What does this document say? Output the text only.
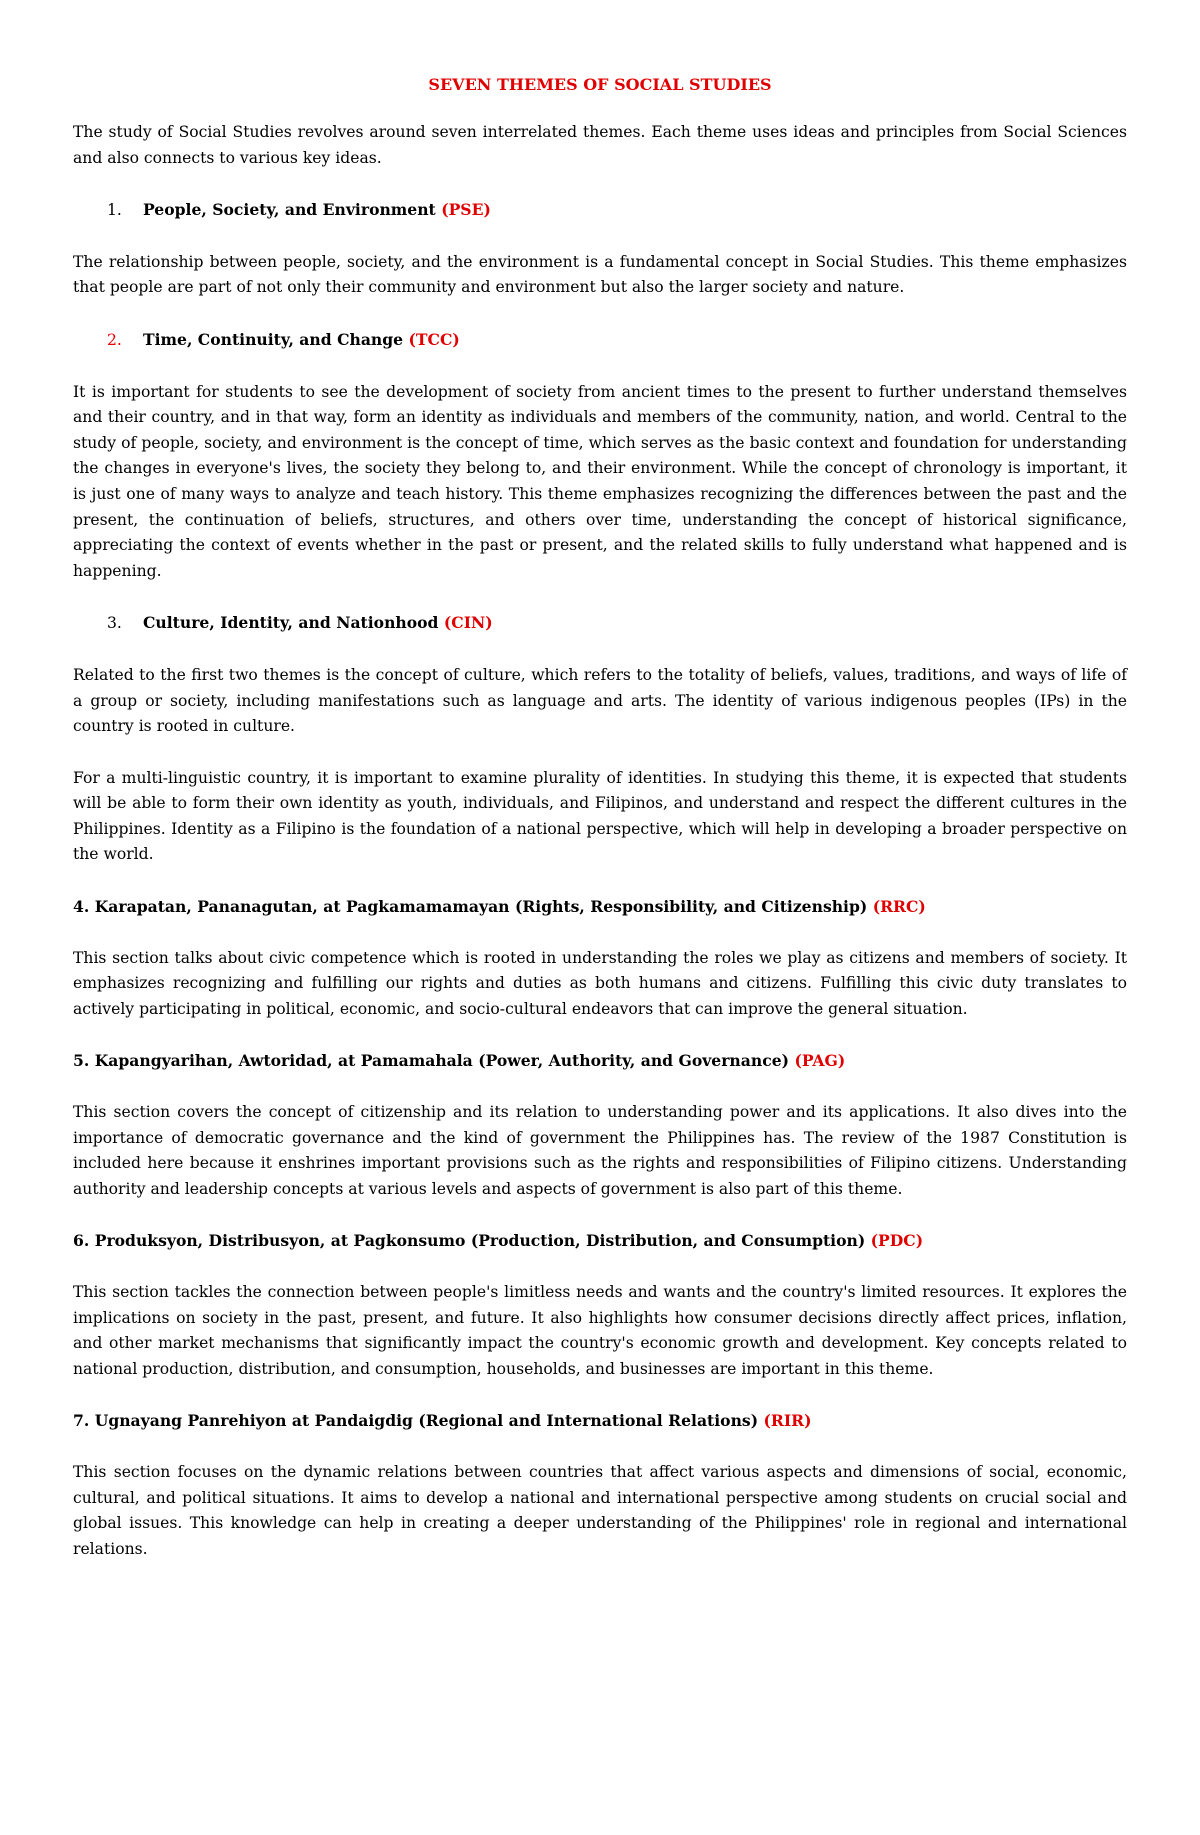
SEVEN THEMES OF SOCIAL STUDIES

The study of Social Studies revolves around seven interrelated themes. Each theme uses ideas and principles from Social Sciences and also connects to various key ideas.

1. People, Society, and Environment (PSE)

The relationship between people, society, and the environment is a fundamental concept in Social Studies. This theme emphasizes that people are part of not only their community and environment but also the larger society and nature.

2. Time, Continuity, and Change (TCC)

It is important for students to see the development of society from ancient times to the present to further understand themselves and their country, and in that way, form an identity as individuals and members of the community, nation, and world. Central to the study of people, society, and environment is the concept of time, which serves as the basic context and foundation for understanding the changes in everyone's lives, the society they belong to, and their environment. While the concept of chronology is important, it is just one of many ways to analyze and teach history. This theme emphasizes recognizing the differences between the past and the present, the continuation of beliefs, structures, and others over time, understanding the concept of historical significance, appreciating the context of events whether in the past or present, and the related skills to fully understand what happened and is happening.

3. Culture, Identity, and Nationhood (CIN)

Related to the first two themes is the concept of culture, which refers to the totality of beliefs, values, traditions, and ways of life of a group or society, including manifestations such as language and arts. The identity of various indigenous peoples (IPs) in the country is rooted in culture.

For a multi-linguistic country, it is important to examine plurality of identities. In studying this theme, it is expected that students will be able to form their own identity as youth, individuals, and Filipinos, and understand and respect the different cultures in the Philippines. Identity as a Filipino is the foundation of a national perspective, which will help in developing a broader perspective on the world.

4. Karapatan, Pananagutan, at Pagkamamamayan (Rights, Responsibility, and Citizenship) (RRC)

This section talks about civic competence which is rooted in understanding the roles we play as citizens and members of society. It emphasizes recognizing and fulfilling our rights and duties as both humans and citizens. Fulfilling this civic duty translates to actively participating in political, economic, and socio-cultural endeavors that can improve the general situation.

5. Kapangyarihan, Awtoridad, at Pamamahala (Power, Authority, and Governance) (PAG)

This section covers the concept of citizenship and its relation to understanding power and its applications. It also dives into the importance of democratic governance and the kind of government the Philippines has. The review of the 1987 Constitution is included here because it enshrines important provisions such as the rights and responsibilities of Filipino citizens. Understanding authority and leadership concepts at various levels and aspects of government is also part of this theme.

6. Produksyon, Distribusyon, at Pagkonsumo (Production, Distribution, and Consumption) (PDC)

This section tackles the connection between people's limitless needs and wants and the country's limited resources. It explores the implications on society in the past, present, and future. It also highlights how consumer decisions directly affect prices, inflation, and other market mechanisms that significantly impact the country's economic growth and development. Key concepts related to national production, distribution, and consumption, households, and businesses are important in this theme.

7. Ugnayang Panrehiyon at Pandaigdig (Regional and International Relations) (RIR)

This section focuses on the dynamic relations between countries that affect various aspects and dimensions of social, economic, cultural, and political situations. It aims to develop a national and international perspective among students on crucial social and global issues. This knowledge can help in creating a deeper understanding of the Philippines' role in regional and international relations.
